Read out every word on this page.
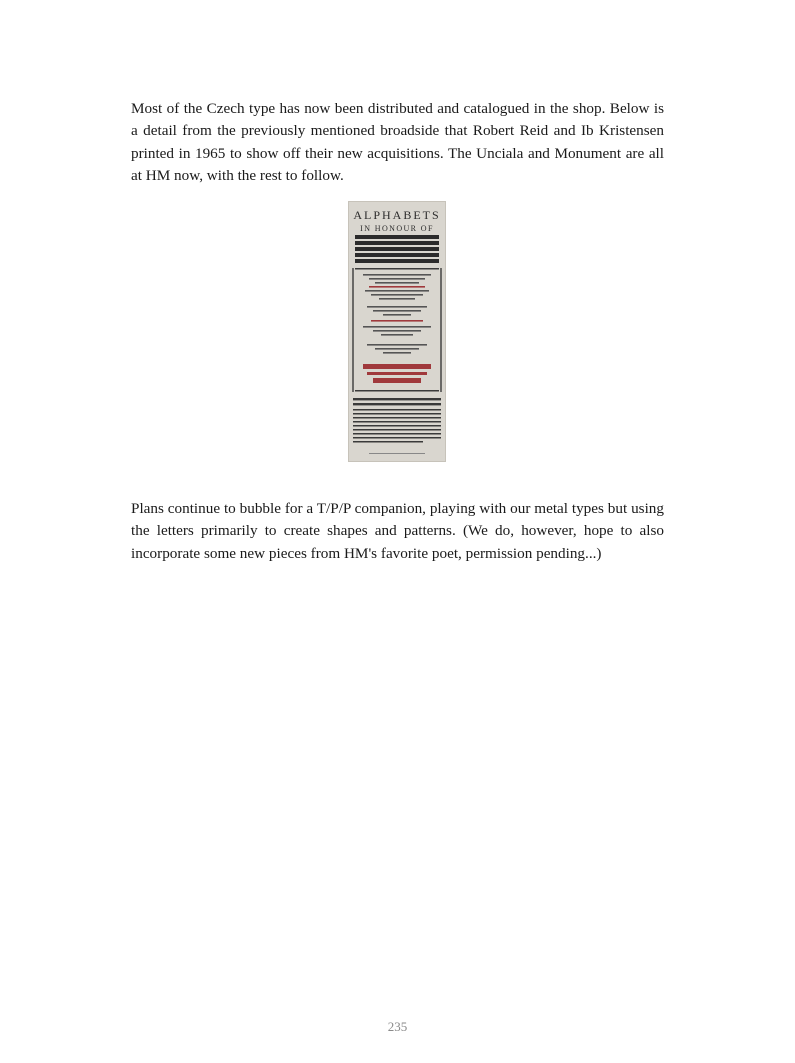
Most of the Czech type has now been distributed and catalogued in the shop. Below is a detail from the previously mentioned broadside that Robert Reid and Ib Kristensen printed in 1965 to show off their new acquisitions. The Unciala and Monument are all at HM now, with the rest to follow.

ALPHABETS
IN HONOUR OF

Plans continue to bubble for a T/P/P companion, playing with our metal types but using the letters primarily to create shapes and patterns. (We do, however, hope to also incorporate some new pieces from HM's favorite poet, permission pending...)

235
